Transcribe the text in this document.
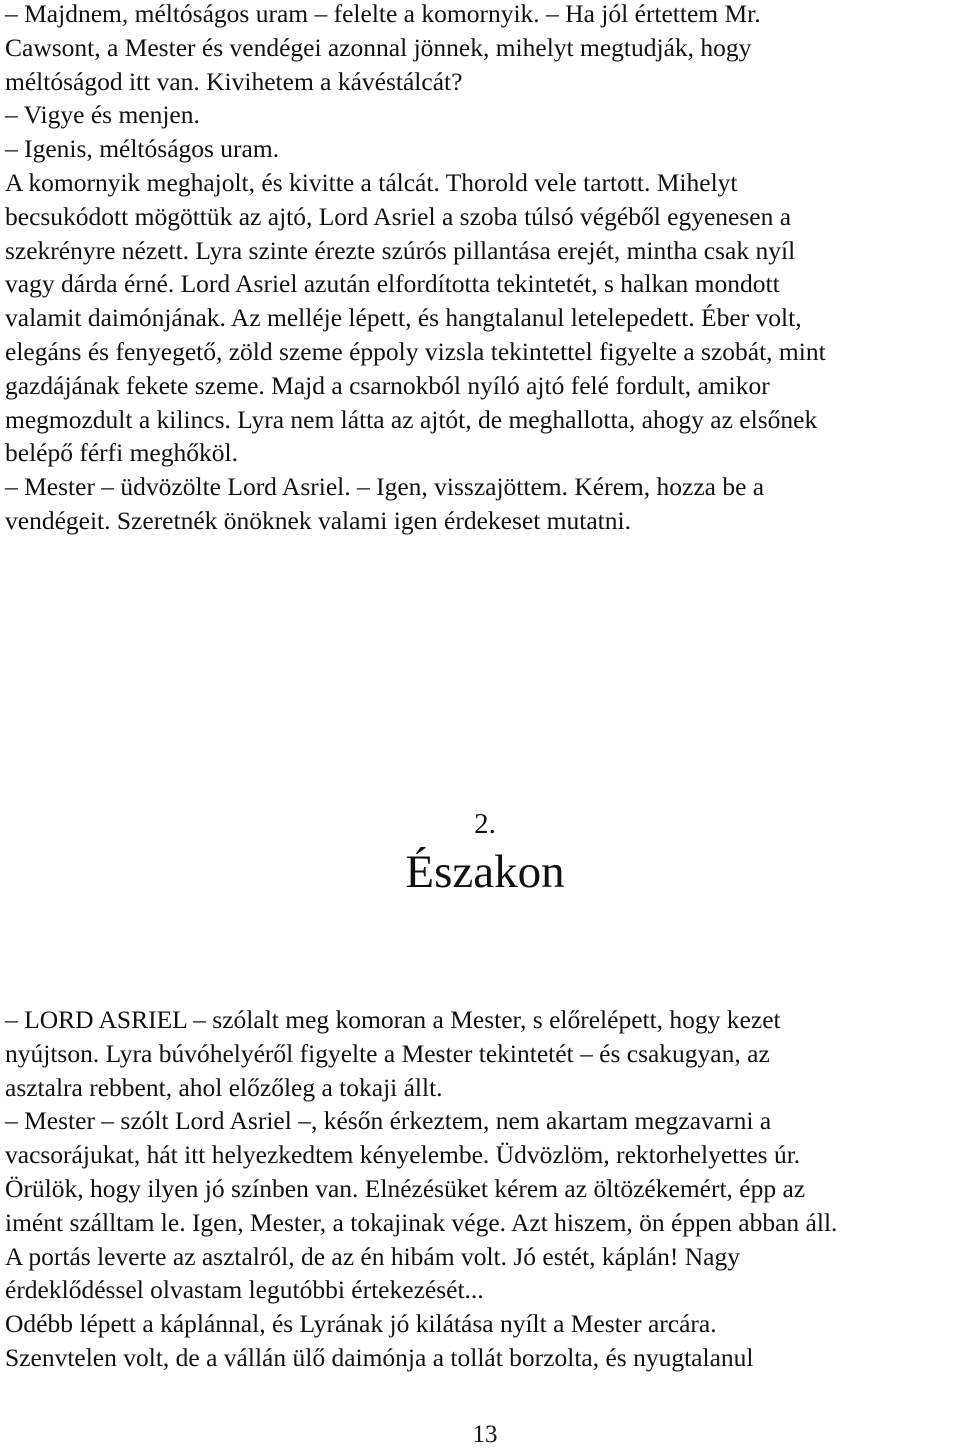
– Majdnem, méltóságos uram – felelte a komornyik. – Ha jól értettem Mr.
Cawsont, a Mester és vendégei azonnal jönnek, mihelyt megtudják, hogy
méltóságod itt van. Kivihetem a kávéstálcát?
– Vigye és menjen.
– Igenis, méltóságos uram.
A komornyik meghajolt, és kivitte a tálcát. Thorold vele tartott. Mihelyt
becsukódott mögöttük az ajtó, Lord Asriel a szoba túlsó végéből egyenesen a
szekrényre nézett. Lyra szinte érezte szúrós pillantása erejét, mintha csak nyíl
vagy dárda érné. Lord Asriel azután elfordította tekintetét, s halkan mondott
valamit daimónjának. Az melléje lépett, és hangtalanul letelepedett. Éber volt,
elegáns és fenyegető, zöld szeme éppoly vizsla tekintettel figyelte a szobát, mint
gazdájának fekete szeme. Majd a csarnokból nyíló ajtó felé fordult, amikor
megmozdult a kilincs. Lyra nem látta az ajtót, de meghallotta, ahogy az elsőnek
belépő férfi meghőköl.
– Mester – üdvözölte Lord Asriel. – Igen, visszajöttem. Kérem, hozza be a
vendégeit. Szeretnék önöknek valami igen érdekeset mutatni.
2.
Északon
– LORD ASRIEL – szólalt meg komoran a Mester, s előrelépett, hogy kezet
nyújtson. Lyra búvóhelyéről figyelte a Mester tekintetét – és csakugyan, az
asztalra rebbent, ahol előzőleg a tokaji állt.
– Mester – szólt Lord Asriel –, későn érkeztem, nem akartam megzavarni a
vacsorájukat, hát itt helyezkedtem kényelembe. Üdvözlöm, rektorhelyettes úr.
Örülök, hogy ilyen jó színben van. Elnézésüket kérem az öltözékemért, épp az
imént szálltam le. Igen, Mester, a tokajinak vége. Azt hiszem, ön éppen abban áll.
A portás leverte az asztalról, de az én hibám volt. Jó estét, káplán! Nagy
érdeklődéssel olvastam legutóbbi értekezését...
Odébb lépett a káplánnal, és Lyrának jó kilátása nyílt a Mester arcára.
Szenvtelen volt, de a vállán ülő daimónja a tollát borzolta, és nyugtalanul
13
